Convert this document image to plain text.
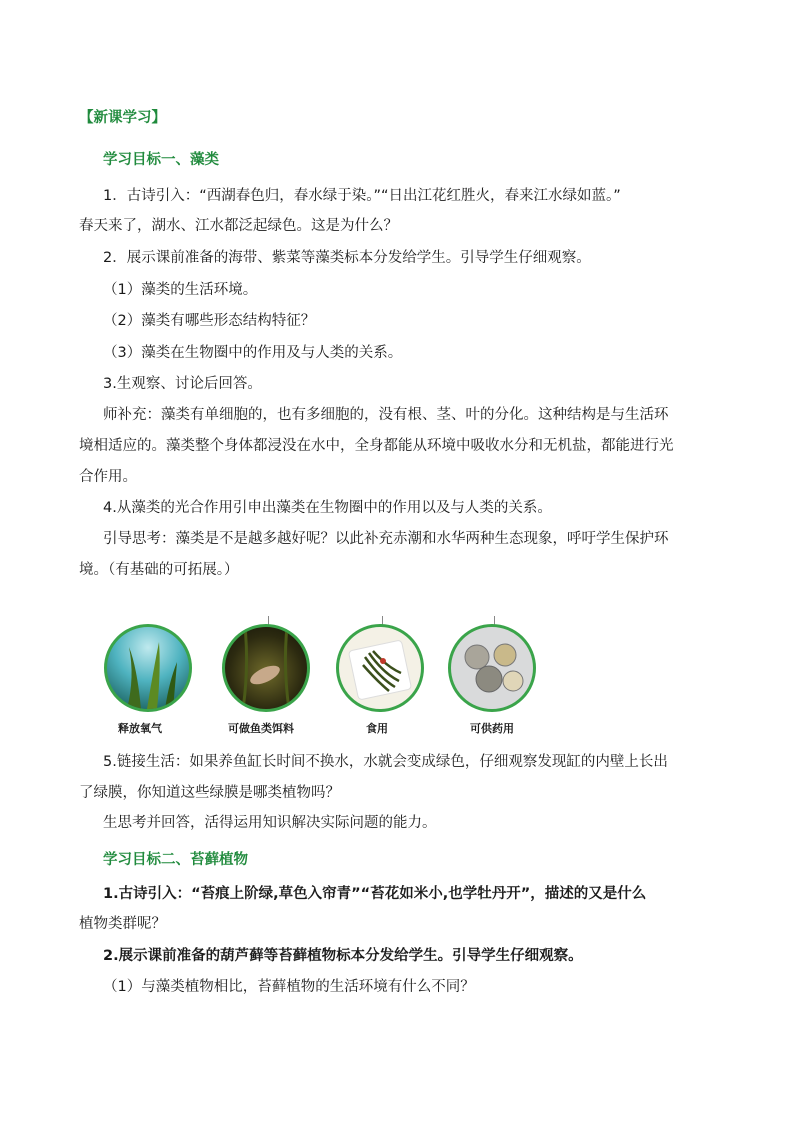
【新课学习】
学习目标一、藻类
1．古诗引入：“西湖春色归，春水绿于染。”“日出江花红胜火，春来江水绿如蓝。”
春天来了，湖水、江水都泛起绿色。这是为什么？
2．展示课前准备的海带、紫菜等藻类标本分发给学生。引导学生仔细观察。
（1）藻类的生活环境。
（2）藻类有哪些形态结构特征？
（3）藻类在生物圈中的作用及与人类的关系。
3.生观察、讨论后回答。
师补充：藻类有单细胞的，也有多细胞的，没有根、茎、叶的分化。这种结构是与生活环
境相适应的。藻类整个身体都浸没在水中，全身都能从环境中吸收水分和无机盐，都能进行光
合作用。
4.从藻类的光合作用引申出藻类在生物圈中的作用以及与人类的关系。
引导思考：藻类是不是越多越好呢？以此补充赤潮和水华两种生态现象，呼吁学生保护环
境。（有基础的可拓展。）
释放氧气	可做鱼类饵料	食用	可供药用
5.链接生活：如果养鱼缸长时间不换水，水就会变成绿色，仔细观察发现缸的内壁上长出
了绿膜，你知道这些绿膜是哪类植物吗？
生思考并回答，活得运用知识解决实际问题的能力。
学习目标二、苔藓植物
1.古诗引入：“苔痕上阶绿,草色入帘青”“苔花如米小,也学牡丹开”，描述的又是什么
植物类群呢？
2.展示课前准备的葫芦藓等苔藓植物标本分发给学生。引导学生仔细观察。
（1）与藻类植物相比，苔藓植物的生活环境有什么不同？
